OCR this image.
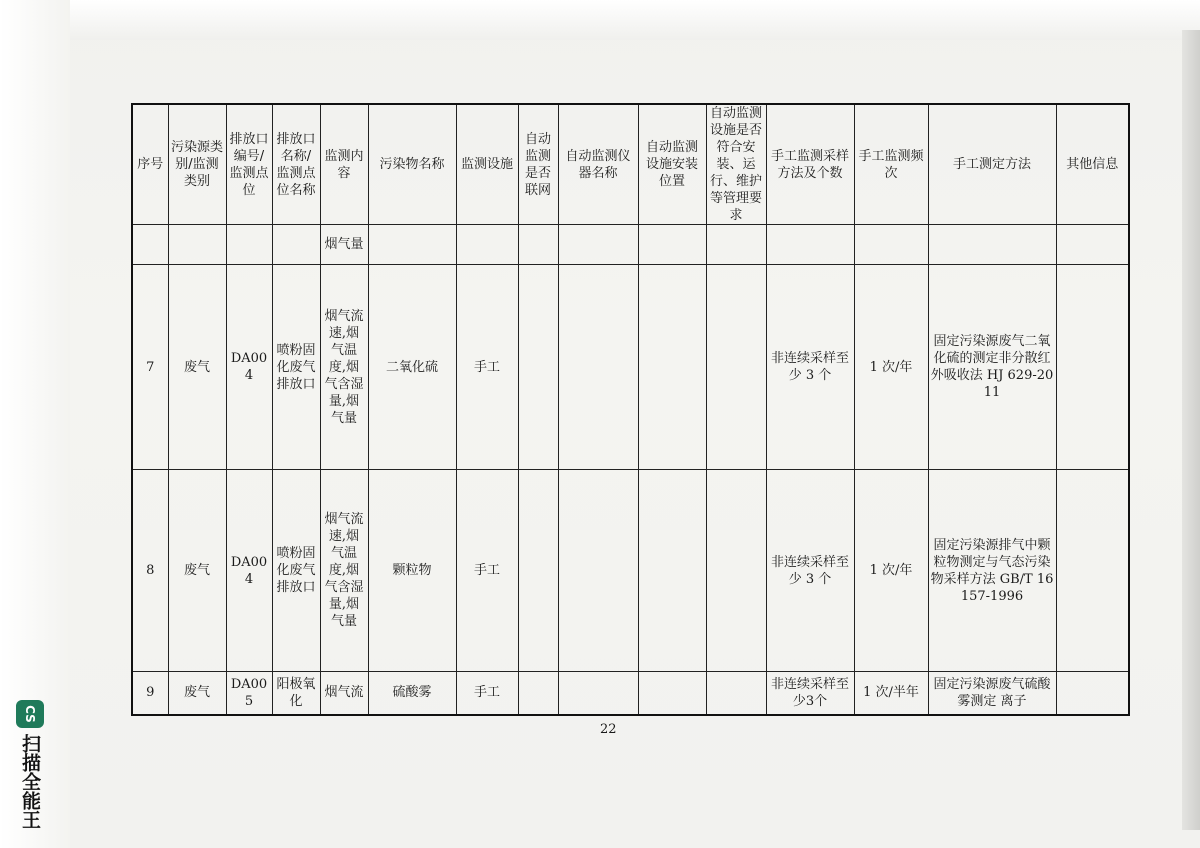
序号	污染源类别/监测类别	排放口编号/监测点位	排放口名称/监测点位名称	监测内容	污染物名称	监测设施	自动监测是否联网	自动监测仪器名称	自动监测设施安装位置	自动监测设施是否符合安装、运行、维护等管理要求	手工监测采样方法及个数	手工监测频次	手工测定方法	其他信息
				烟气量										
7	废气	DA004	喷粉固化废气排放口	烟气流速,烟气温度,烟气含湿量,烟气量	二氧化硫	手工					非连续采样至少 3 个	1 次/年	固定污染源废气二氧化硫的测定非分散红外吸收法 HJ 629-2011	
8	废气	DA004	喷粉固化废气排放口	烟气流速,烟气温度,烟气含湿量,烟气量	颗粒物	手工					非连续采样至少 3 个	1 次/年	固定污染源排气中颗粒物测定与气态污染物采样方法 GB/T 16157-1996	
9	废气	DA005	阳极氧化	烟气流	硫酸雾	手工					非连续采样至少3个	1 次/半年	固定污染源废气硫酸雾测定 离子	
22
CS
扫描全能王
